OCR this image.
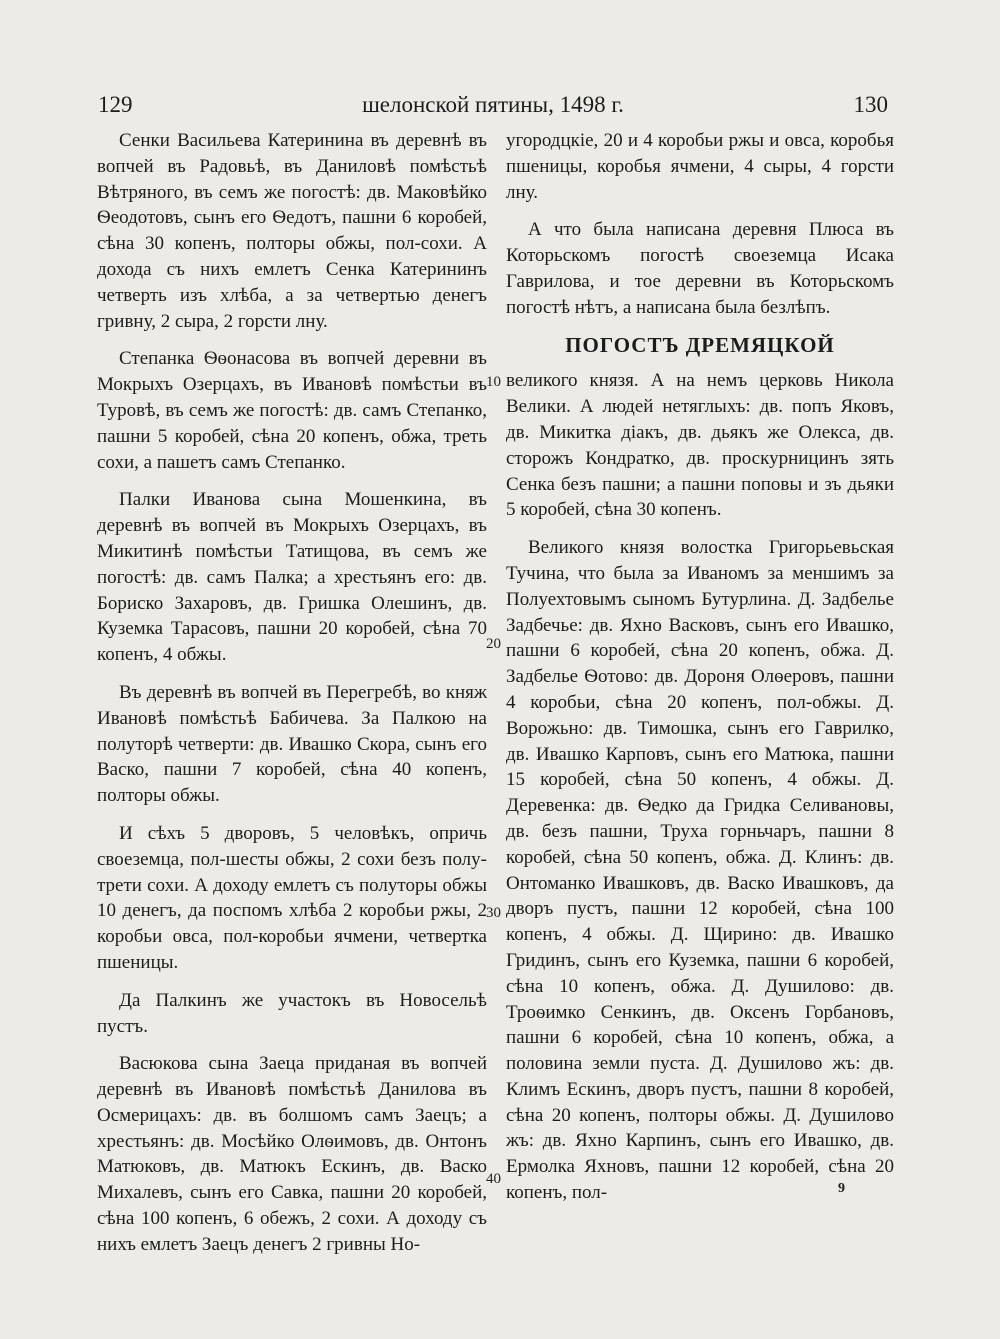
129	шелонской пятины, 1498 г.	130

Сенки Васильева Катеринина въ деревнѣ въ вопчей въ Радовьѣ, въ Даниловѣ помѣстьѣ Вѣтряного, въ семъ же погостѣ: дв. Маковѣйко Ѳеодотовъ, сынъ его Ѳедотъ, пашни 6 коробей, сѣна 30 копенъ, полторы обжы, пол-сохи. А дохода съ нихъ емлетъ Сенка Катерининъ четверть изъ хлѣба, а за четвертью денегъ гривну, 2 сыра, 2 горсти лну.

Степанка Ѳѳонасова въ вопчей деревни въ Мокрыхъ Озерцахъ, въ Ивановѣ помѣстьи въ Туровѣ, въ семъ же погостѣ: дв. самъ Степанко, пашни 5 коробей, сѣна 20 копенъ, обжа, треть сохи, а пашетъ самъ Степанко.

Палки Иванова сына Мошенкина, въ деревнѣ въ вопчей въ Мокрыхъ Озерцахъ, въ Микитинѣ помѣстьи Татищова, въ семъ же погостѣ: дв. самъ Палка; а хрестьянъ его: дв. Бориско Захаровъ, дв. Гришка Олешинъ, дв. Куземка Тарасовъ, пашни 20 коробей, сѣна 70 копенъ, 4 обжы.

Въ деревнѣ въ вопчей въ Перегребѣ, во княж Ивановѣ помѣстьѣ Бабичева. За Палкою на полуторѣ четверти: дв. Ивашко Скора, сынъ его Васко, пашни 7 коробей, сѣна 40 копенъ, полторы обжы.

И сѣхъ 5 дворовъ, 5 человѣкъ, опричь своеземца, пол-шесты обжы, 2 сохи безъ полу-трети сохи. А доходу емлетъ съ полуторы обжы 10 денегъ, да поспомъ хлѣба 2 коробьи ржы, 2 коробьи овса, пол-коробьи ячмени, четвертка пшеницы.

Да Палкинъ же участокъ въ Новосельѣ пустъ.

Васюкова сына Заеца приданая въ вопчей деревнѣ въ Ивановѣ помѣстьѣ Данилова въ Осмерицахъ: дв. въ болшомъ самъ Заецъ; а хрестьянъ: дв. Мосѣйко Олѳимовъ, дв. Онтонъ Матюковъ, дв. Матюкъ Ескинъ, дв. Васко Михалевъ, сынъ его Савка, пашни 20 коробей, сѣна 100 копенъ, 6 обежъ, 2 сохи. А доходу съ нихъ емлетъ Заецъ денегъ 2 гривны Но-

угородцкіе, 20 и 4 коробьи ржы и овса, коробья пшеницы, коробья ячмени, 4 сыры, 4 горсти лну.

А что была написана деревня Плюса въ Которьскомъ погостѣ своеземца Исака Гаврилова, и тое деревни въ Которьскомъ погостѣ нѣтъ, а написана была безлѣпъ.

ПОГОСТЪ ДРЕМЯЦКОЙ

великого князя. А на немъ церковь Никола Велики. А людей нетяглыхъ: дв. попъ Яковъ, дв. Микитка діакъ, дв. дьякъ же Олекса, дв. сторожъ Кондратко, дв. проскурницинъ зять Сенка безъ пашни; а пашни поповы и зъ дьяки 5 коробей, сѣна 30 копенъ.

Великого князя волостка Григорьевьская Тучина, что была за Иваномъ за меншимъ за Полуехтовымъ сыномъ Бутурлина. Д. Задбелье Задбечье: дв. Яхно Васковъ, сынъ его Ивашко, пашни 6 коробей, сѣна 20 копенъ, обжа. Д. Задбелье Ѳотово: дв. Дороня Олѳеровъ, пашни 4 коробьи, сѣна 20 копенъ, пол-обжы. Д. Ворожьно: дв. Тимошка, сынъ его Гаврилко, дв. Ивашко Карповъ, сынъ его Матюка, пашни 15 коробей, сѣна 50 копенъ, 4 обжы. Д. Деревенка: дв. Ѳедко да Гридка Селивановы, дв. безъ пашни, Труха горньчаръ, пашни 8 коробей, сѣна 50 копенъ, обжа. Д. Клинъ: дв. Онтоманко Ивашковъ, дв. Васко Ивашковъ, да дворъ пустъ, пашни 12 коробей, сѣна 100 копенъ, 4 обжы. Д. Щирино: дв. Ивашко Гридинъ, сынъ его Куземка, пашни 6 коробей, сѣна 10 копенъ, обжа. Д. Душилово: дв. Троѳимко Сенкинъ, дв. Оксенъ Горбановъ, пашни 6 коробей, сѣна 10 копенъ, обжа, а половина земли пуста. Д. Душилово жъ: дв. Климъ Ескинъ, дворъ пустъ, пашни 8 коробей, сѣна 20 копенъ, полторы обжы. Д. Душилово жъ: дв. Яхно Карпинъ, сынъ его Ивашко, дв. Ермолка Яхновъ, пашни 12 коробей, сѣна 20 копенъ, пол-

10
20
30
40
9
